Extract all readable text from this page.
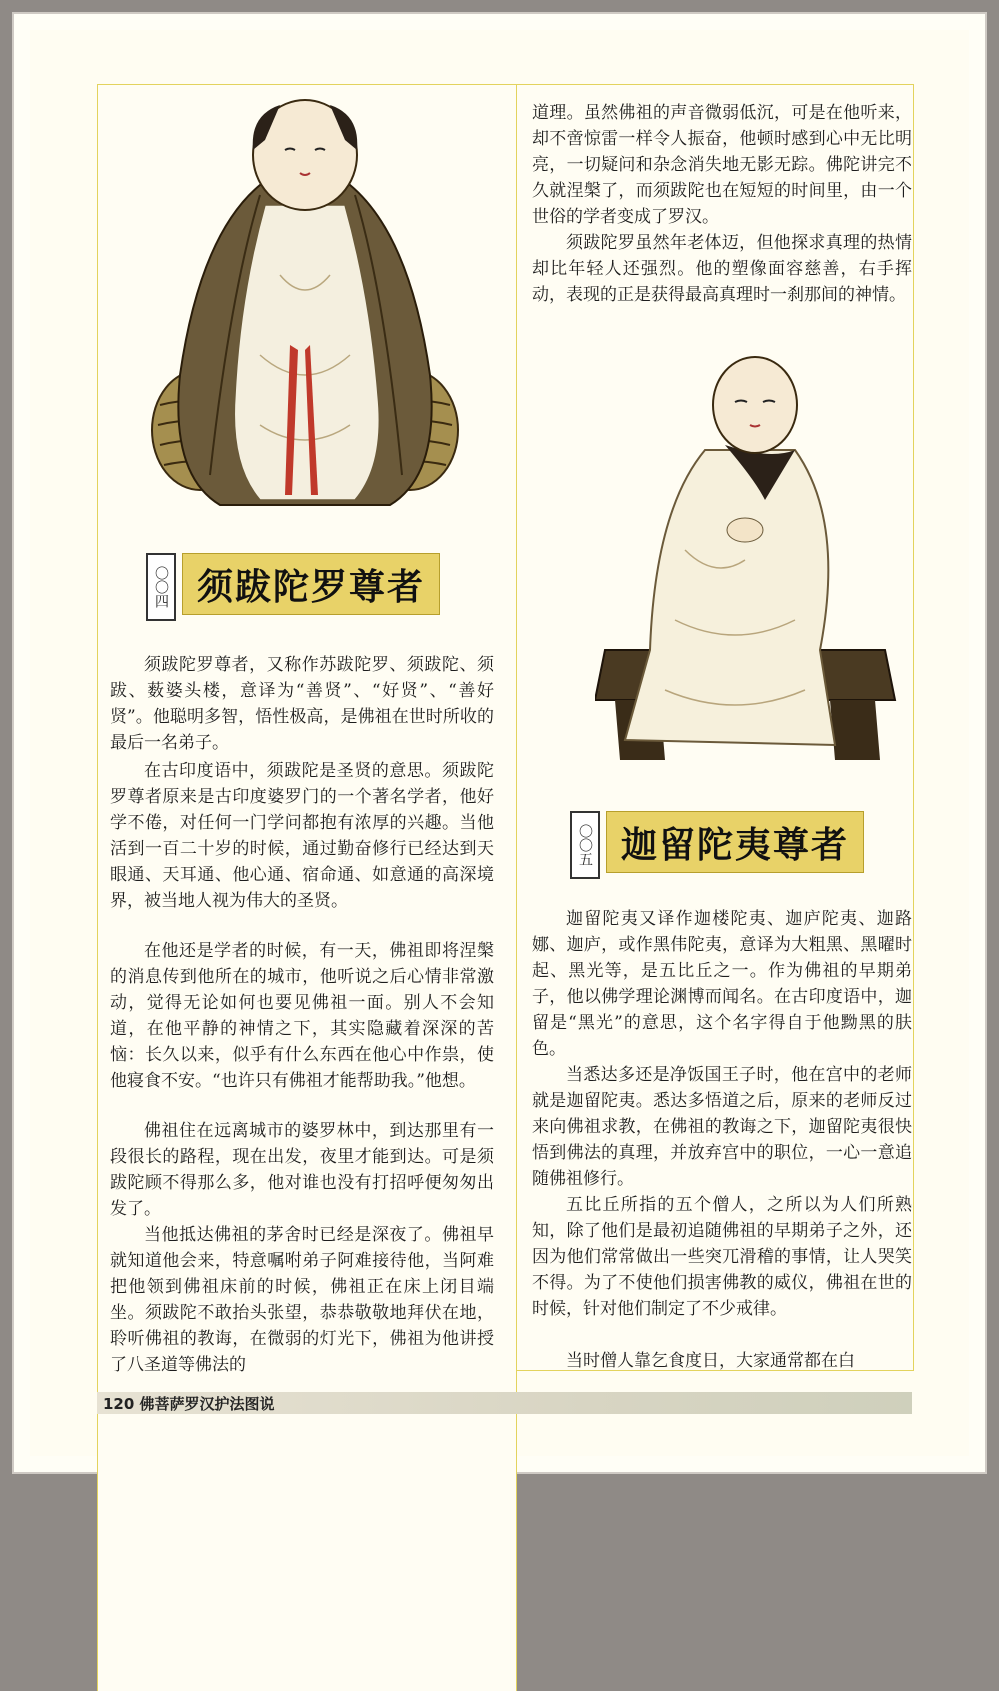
〇〇四 须跋陀罗尊者
〇〇五 迦留陀夷尊者

须跋陀罗尊者，又称作苏跋陀罗、须跋陀、须跋、薮婆头楼，意译为“善贤”、“好贤”、“善好贤”。他聪明多智，悟性极高，是佛祖在世时所收的最后一名弟子。

在古印度语中，须跋陀是圣贤的意思。须跋陀罗尊者原来是古印度婆罗门的一个著名学者，他好学不倦，对任何一门学问都抱有浓厚的兴趣。当他活到一百二十岁的时候，通过勤奋修行已经达到天眼通、天耳通、他心通、宿命通、如意通的高深境界，被当地人视为伟大的圣贤。

在他还是学者的时候，有一天，佛祖即将涅槃的消息传到他所在的城市，他听说之后心情非常激动，觉得无论如何也要见佛祖一面。别人不会知道，在他平静的神情之下，其实隐藏着深深的苦恼：长久以来，似乎有什么东西在他心中作祟，使他寝食不安。“也许只有佛祖才能帮助我。”他想。

佛祖住在远离城市的婆罗林中，到达那里有一段很长的路程，现在出发，夜里才能到达。可是须跋陀顾不得那么多，他对谁也没有打招呼便匆匆出发了。

当他抵达佛祖的茅舍时已经是深夜了。佛祖早就知道他会来，特意嘱咐弟子阿难接待他，当阿难把他领到佛祖床前的时候，佛祖正在床上闭目端坐。须跋陀不敢抬头张望，恭恭敬敬地拜伏在地，聆听佛祖的教诲，在微弱的灯光下，佛祖为他讲授了八圣道等佛法的

道理。虽然佛祖的声音微弱低沉，可是在他听来，却不啻惊雷一样令人振奋，他顿时感到心中无比明亮，一切疑问和杂念消失地无影无踪。佛陀讲完不久就涅槃了，而须跋陀也在短短的时间里，由一个世俗的学者变成了罗汉。

须跋陀罗虽然年老体迈，但他探求真理的热情却比年轻人还强烈。他的塑像面容慈善，右手挥动，表现的正是获得最高真理时一刹那间的神情。

迦留陀夷又译作迦楼陀夷、迦庐陀夷、迦路娜、迦庐，或作黑伟陀夷，意译为大粗黑、黑曜时起、黑光等，是五比丘之一。作为佛祖的早期弟子，他以佛学理论渊博而闻名。在古印度语中，迦留是“黑光”的意思，这个名字得自于他黝黑的肤色。

当悉达多还是净饭国王子时，他在宫中的老师就是迦留陀夷。悉达多悟道之后，原来的老师反过来向佛祖求教，在佛祖的教诲之下，迦留陀夷很快悟到佛法的真理，并放弃宫中的职位，一心一意追随佛祖修行。

五比丘所指的五个僧人，之所以为人们所熟知，除了他们是最初追随佛祖的早期弟子之外，还因为他们常常做出一些突兀滑稽的事情，让人哭笑不得。为了不使他们损害佛教的威仪，佛祖在世的时候，针对他们制定了不少戒律。

当时僧人靠乞食度日，大家通常都在白

120 佛菩萨罗汉护法图说
